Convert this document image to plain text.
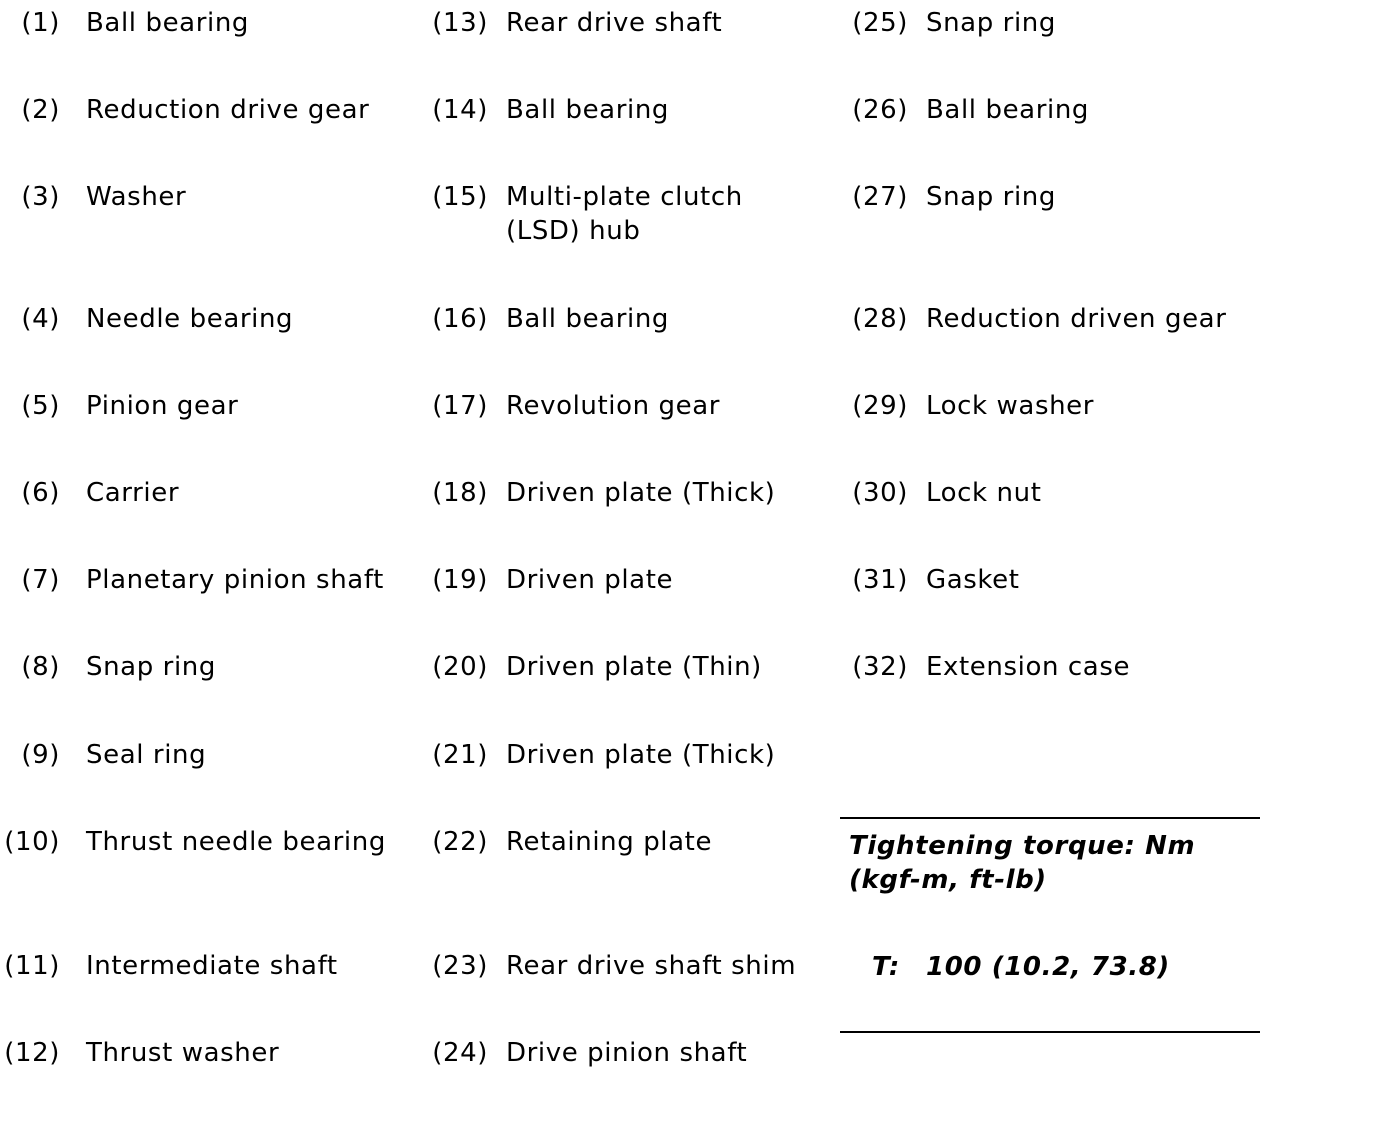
(1) Ball bearing
(2) Reduction drive gear
(3) Washer
(4) Needle bearing
(5) Pinion gear
(6) Carrier
(7) Planetary pinion shaft
(8) Snap ring
(9) Seal ring
(10) Thrust needle bearing
(11) Intermediate shaft
(12) Thrust washer
(13) Rear drive shaft
(14) Ball bearing
(15) Multi-plate clutch
(LSD) hub
(16) Ball bearing
(17) Revolution gear
(18) Driven plate (Thick)
(19) Driven plate
(20) Driven plate (Thin)
(21) Driven plate (Thick)
(22) Retaining plate
(23) Rear drive shaft shim
(24) Drive pinion shaft
(25) Snap ring
(26) Ball bearing
(27) Snap ring
(28) Reduction driven gear
(29) Lock washer
(30) Lock nut
(31) Gasket
(32) Extension case
Tightening torque: Nm
(kgf-m, ft-lb)
T: 100 (10.2, 73.8)
